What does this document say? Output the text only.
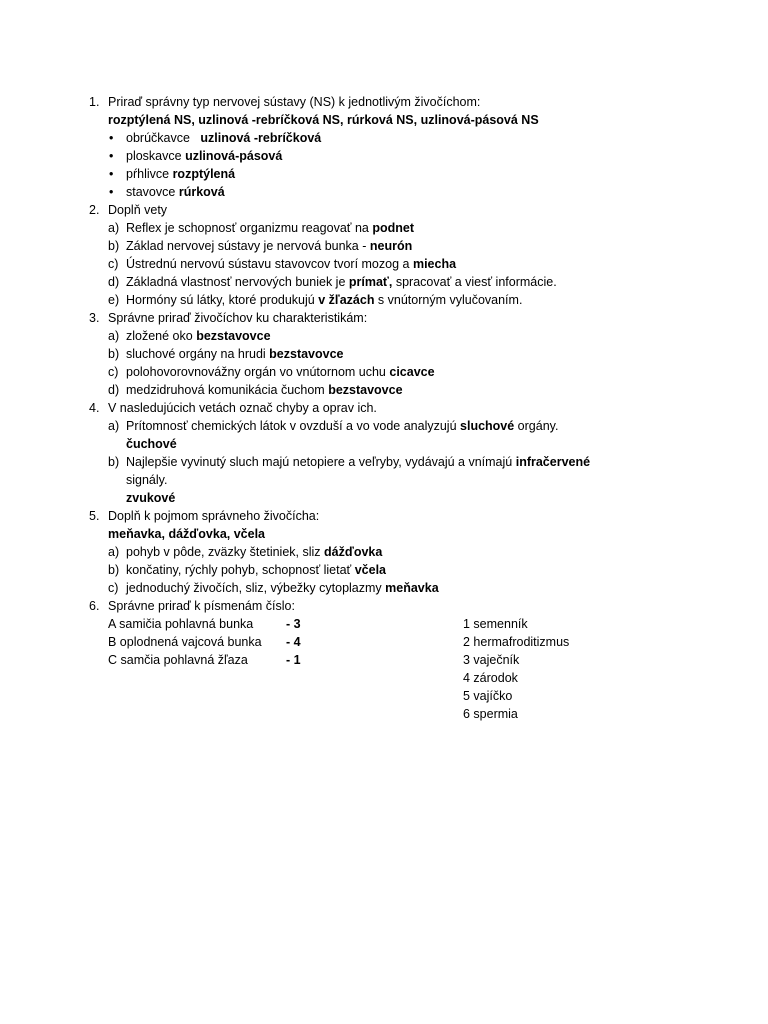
1. Priraď správny typ nervovej sústavy (NS) k jednotlivým živočíchom:
rozptýlená NS, uzlinová -rebríčková NS, rúrková NS, uzlinová-pásová NS
• obrúčkavce uzlinová -rebríčková
• ploskavce uzlinová-pásová
• pŕhlivce rozptýlená
• stavovce rúrková
2. Doplň vety
a) Reflex je schopnosť organizmu reagovať na podnet
b) Základ nervovej sústavy je nervová bunka - neurón
c) Ústrednú nervovú sústavu stavovcov tvorí mozog a miecha
d) Základná vlastnosť nervových buniek je prímať, spracovať a viesť informácie.
e) Hormóny sú látky, ktoré produkujú v žľazách s vnútorným vylučovaním.
3. Správne priraď živočíchov ku charakteristikám:
a) zložené oko bezstavovce
b) sluchové orgány na hrudi bezstavovce
c) polohovorovnovážny orgán vo vnútornom uchu cicavce
d) medzidruhová komunikácia čuchom bezstavovce
4. V nasledujúcich vetách označ chyby a oprav ich.
a) Prítomnosť chemických látok v ovzduší a vo vode analyzujú sluchové orgány.
čuchové
b) Najlepšie vyvinutý sluch majú netopiere a veľryby, vydávajú a vnímajú infračervené
signály.
zvukové
5. Doplň k pojmom správneho živočícha:
meňavka, dážďovka, včela
a) pohyb v pôde, zväzky štetiniek, sliz dážďovka
b) končatiny, rýchly pohyb, schopnosť lietať včela
c) jednoduchý živočích, sliz, výbežky cytoplazmy meňavka
6. Správne priraď k písmenám číslo:
A samičia pohlavná bunka	- 3
B oplodnená vajcová bunka - 4
C samčia pohlavná žľaza	- 1
1 semenník
2 hermafroditizmus
3 vaječník
4 zárodok
5 vajíčko
6 spermia
